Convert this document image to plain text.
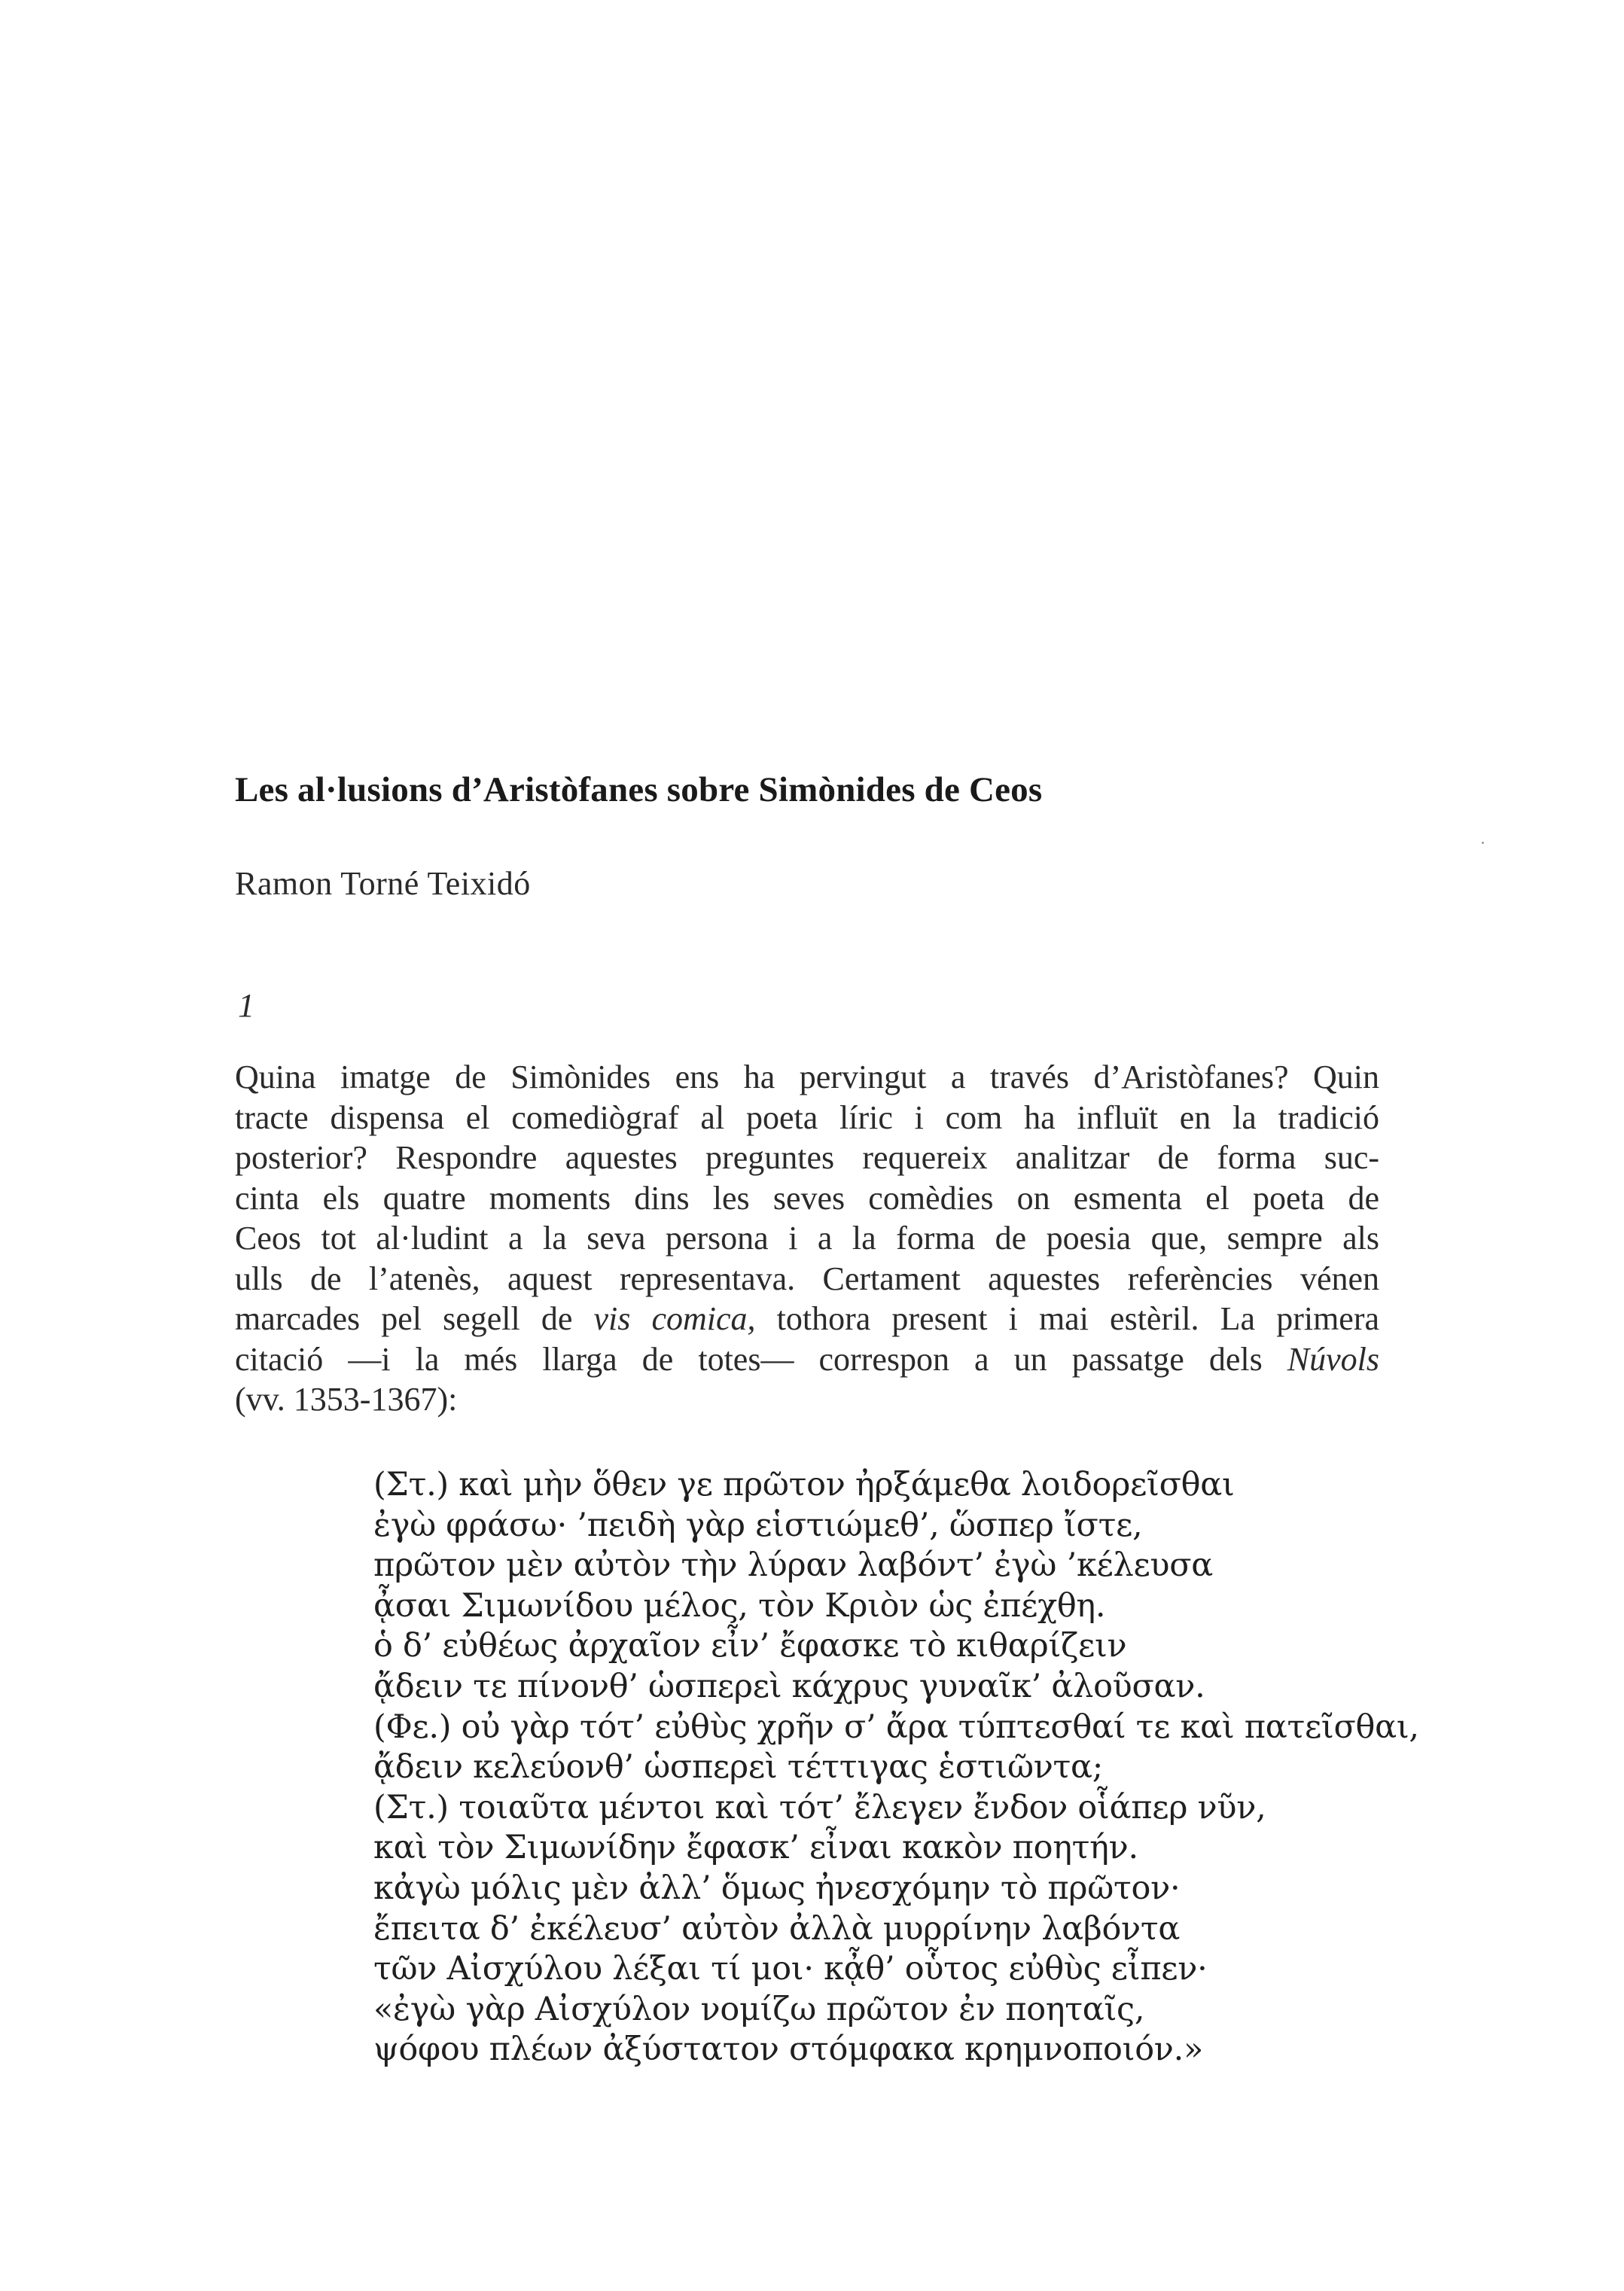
Les al·lusions d’Aristòfanes sobre Simònides de Ceos
Ramon Torné Teixidó
1
Quina imatge de Simònides ens ha pervingut a través d’Aristòfanes? Quin
tracte dispensa el comediògraf al poeta líric i com ha influït en la tradició
posterior? Respondre aquestes preguntes requereix analitzar de forma suc-
cinta els quatre moments dins les seves comèdies on esmenta el poeta de
Ceos tot al·ludint a la seva persona i a la forma de poesia que, sempre als
ulls de l’atenès, aquest representava. Certament aquestes referències vénen
marcades pel segell de vis comica, tothora present i mai estèril. La primera
citació —i la més llarga de totes— correspon a un passatge dels Núvols
(vv. 1353-1367):
(Στ.) καὶ μὴν ὅθεν γε πρῶτον ἠρξάμεθα λοιδορεῖσθαι
ἐγὼ φράσω· ’πειδὴ γὰρ εἱστιώμεθ’, ὥσπερ ἴστε,
πρῶτον μὲν αὐτὸν τὴν λύραν λαβόντ’ ἐγὼ ’κέλευσα
ᾆσαι Σιμωνίδου μέλος, τὸν Κριὸν ὡς ἐπέχθη.
ὁ δ’ εὐθέως ἀρχαῖον εἶν’ ἔφασκε τὸ κιθαρίζειν
ᾄδειν τε πίνονθ’ ὡσπερεὶ κάχρυς γυναῖκ’ ἀλοῦσαν.
(Φε.) οὐ γὰρ τότ’ εὐθὺς χρῆν σ’ ἄρα τύπτεσθαί τε καὶ πατεῖσθαι,
ᾄδειν κελεύονθ’ ὡσπερεὶ τέττιγας ἑστιῶντα;
(Στ.) τοιαῦτα μέντοι καὶ τότ’ ἔλεγεν ἔνδον οἷάπερ νῦν,
καὶ τὸν Σιμωνίδην ἔφασκ’ εἶναι κακὸν ποητήν.
κἀγὼ μόλις μὲν ἀλλ’ ὅμως ἠνεσχόμην τὸ πρῶτον·
ἔπειτα δ’ ἐκέλευσ’ αὐτὸν ἀλλὰ μυρρίνην λαβόντα
τῶν Αἰσχύλου λέξαι τί μοι· κᾆθ’ οὗτος εὐθὺς εἶπεν·
«ἐγὼ γὰρ Αἰσχύλον νομίζω πρῶτον ἐν ποηταῖς,
ψόφου πλέων ἀξύστατον στόμφακα κρημνοποιόν.»
